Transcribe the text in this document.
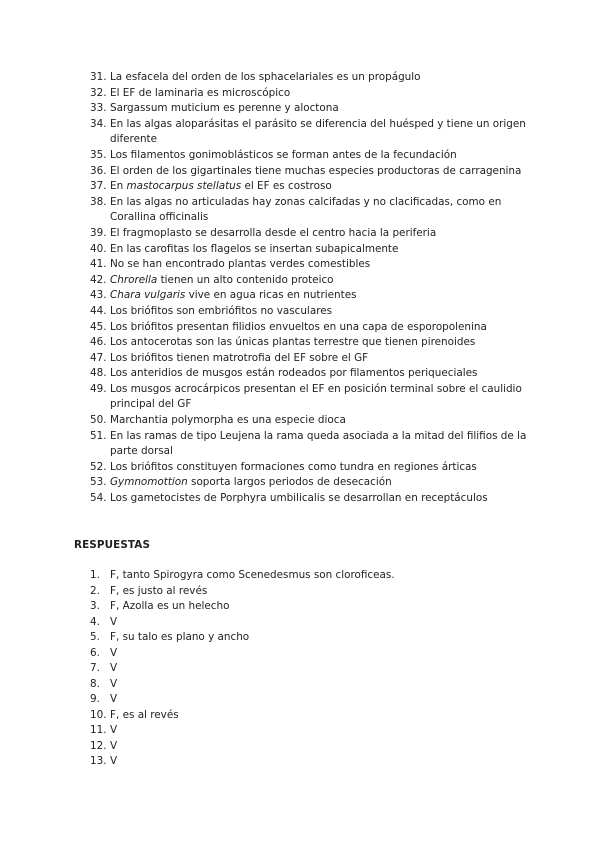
31. La esfacela del orden de los sphacelariales es un propágulo
32. El EF de laminaria es microscópico
33. Sargassum muticium es perenne y aloctona
34. En las algas aloparásitas el parásito se diferencia del huésped y tiene un origen diferente
35. Los filamentos gonimoblásticos se forman antes de la fecundación
36. El orden de los gigartinales tiene muchas especies productoras de carragenina
37. En mastocarpus stellatus el EF es costroso
38. En las algas no articuladas hay zonas calcifadas y no clacificadas, como en Corallina officinalis
39. El fragmoplasto se desarrolla desde el centro hacia la periferia
40. En las carofitas los flagelos se insertan subapicalmente
41. No se han encontrado plantas verdes comestibles
42. Chrorella tienen un alto contenido proteico
43. Chara vulgaris vive en agua ricas en nutrientes
44. Los briófitos son embriófitos no vasculares
45. Los briófitos presentan filidios envueltos en una capa de esporopolenina
46. Los antocerotas son las únicas plantas terrestre que tienen pirenoides
47. Los briófitos tienen matrotrofia del EF sobre el GF
48. Los anteridios de musgos están rodeados por filamentos periqueciales
49. Los musgos acrocárpicos presentan el EF en posición terminal sobre el caulidio principal del GF
50. Marchantia polymorpha es una especie dioca
51. En las ramas de tipo Leujena la rama queda asociada a la mitad del filifios de la parte dorsal
52. Los briófitos constituyen formaciones como tundra en regiones árticas
53. Gymnomottion soporta largos periodos de desecación
54. Los gametocistes de Porphyra umbilicalis se desarrollan en receptáculos
RESPUESTAS
1. F, tanto Spirogyra como Scenedesmus son cloroficeas.
2. F, es justo al revés
3. F, Azolla es un helecho
4. V
5. F, su talo es plano y ancho
6. V
7. V
8. V
9. V
10. F, es al revés
11. V
12. V
13. V
